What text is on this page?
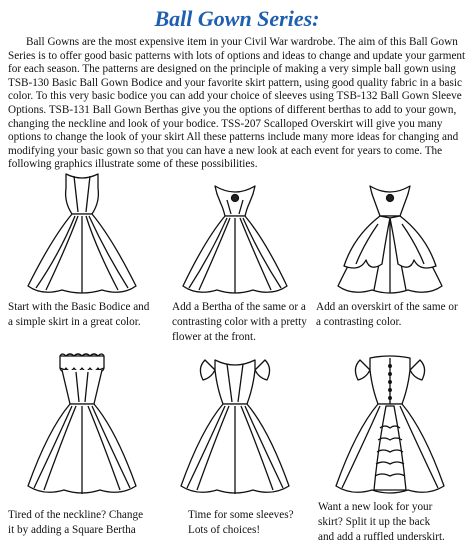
Ball Gown Series:
Ball Gowns are the most expensive item in your Civil War wardrobe. The aim of this Ball Gown Series is to offer good basic patterns with lots of options and ideas to change and update your garment for each season. The patterns are designed on the principle of making a very simple ball gown using TSB-130 Basic Ball Gown Bodice and your favorite skirt pattern, using good quality fabric in a basic color. To this very basic bodice you can add your choice of sleeves using TSB-132 Ball Gown Sleeve Options. TSB-131 Ball Gown Berthas give you the options of different berthas to add to your gown, changing the neckline and look of your bodice. TSS-207 Scalloped Overskirt will give you many options to change the look of your skirt All these patterns include many more ideas for changing and modifying your basic gown so that you can have a new look at each event for years to come. The following graphics illustrate some of these possibilities.
Start with the Basic Bodice and
a simple skirt in a great color.
Add a Bertha of the same or a
contrasting color with a pretty
flower at the front.
Add an overskirt of the same or
a contrasting color.
Tired of the neckline? Change
it by adding a Square Bertha
Time for some sleeves?
Lots of choices!
Want a new look for your
skirt? Split it up the back
and add a ruffled underskirt.
